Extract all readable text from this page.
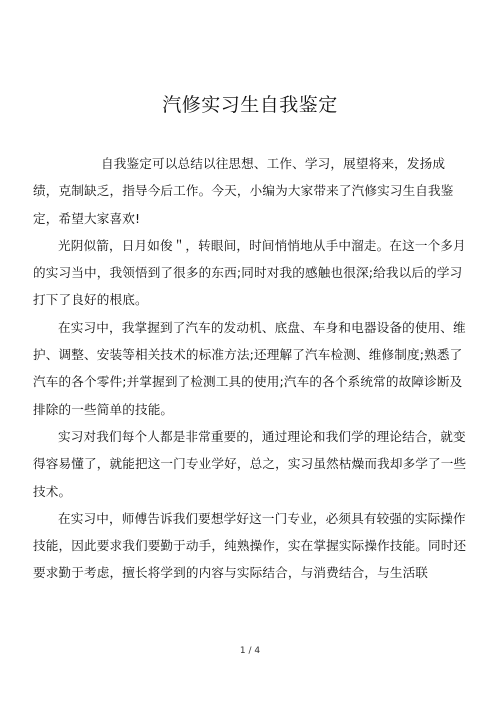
汽修实习生自我鉴定

自我鉴定可以总结以往思想、工作、学习，展望将来，发扬成绩，克制缺乏，指导今后工作。今天，小编为大家带来了汽修实习生自我鉴定，希望大家喜欢!

光阴似箭，日月如俊＂，转眼间，时间悄悄地从手中溜走。在这一个多月的实习当中，我领悟到了很多的东西;同时对我的感触也很深;给我以后的学习打下了良好的根底。

在实习中，我掌握到了汽车的发动机、底盘、车身和电器设备的使用、维护、调整、安装等相关技术的标准方法;还理解了汽车检测、维修制度;熟悉了汽车的各个零件;并掌握到了检测工具的使用;汽车的各个系统常的故障诊断及排除的一些简单的技能。

实习对我们每个人都是非常重要的，通过理论和我们学的理论结合，就变得容易懂了，就能把这一门专业学好，总之，实习虽然枯燥而我却多学了一些技术。

在实习中，师傅告诉我们要想学好这一门专业，必须具有较强的实际操作技能，因此要求我们要勤于动手，纯熟操作，实在掌握实际操作技能。同时还要求勤于考虑，擅长将学到的内容与实际结合，与消费结合，与生活联

1 / 4
